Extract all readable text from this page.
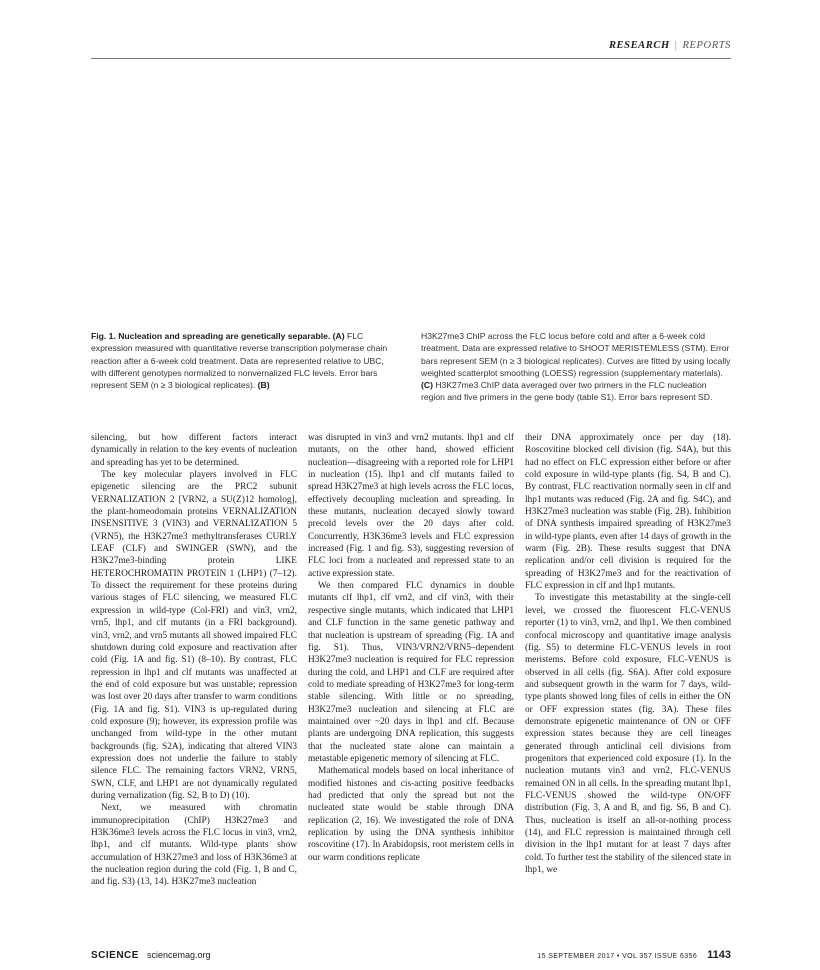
RESEARCH | REPORTS

Fig. 1. Nucleation and spreading are genetically separable. (A) FLC expression measured with quantitative reverse transcription polymerase chain reaction after a 6-week cold treatment. Data are represented relative to UBC, with different genotypes normalized to nonvernalized FLC levels. Error bars represent SEM (n ≥ 3 biological replicates). (B)

H3K27me3 ChIP across the FLC locus before cold and after a 6-week cold treatment. Data are expressed relative to SHOOT MERISTEMLESS (STM). Error bars represent SEM (n ≥ 3 biological replicates). Curves are fitted by using locally weighted scatterplot smoothing (LOESS) regression (supplementary materials). (C) H3K27me3 ChIP data averaged over two primers in the FLC nucleation region and five primers in the gene body (table S1). Error bars represent SD.

silencing, but how different factors interact dynamically in relation to the key events of nucleation and spreading has yet to be determined.

The key molecular players involved in FLC epigenetic silencing are the PRC2 subunit VERNALIZATION 2 [VRN2, a SU(Z)12 homolog], the plant-homeodomain proteins VERNALIZATION INSENSITIVE 3 (VIN3) and VERNALIZATION 5 (VRN5), the H3K27me3 methyltransferases CURLY LEAF (CLF) and SWINGER (SWN), and the H3K27me3-binding protein LIKE HETEROCHROMATIN PROTEIN 1 (LHP1) (7–12). To dissect the requirement for these proteins during various stages of FLC silencing, we measured FLC expression in wild-type (Col-FRI) and vin3, vrn2, vrn5, lhp1, and clf mutants (in a FRI background). vin3, vrn2, and vrn5 mutants all showed impaired FLC shutdown during cold exposure and reactivation after cold (Fig. 1A and fig. S1) (8–10). By contrast, FLC repression in lhp1 and clf mutants was unaffected at the end of cold exposure but was unstable; repression was lost over 20 days after transfer to warm conditions (Fig. 1A and fig. S1). VIN3 is up-regulated during cold exposure (9); however, its expression profile was unchanged from wild-type in the other mutant backgrounds (fig. S2A), indicating that altered VIN3 expression does not underlie the failure to stably silence FLC. The remaining factors VRN2, VRN5, SWN, CLF, and LHP1 are not dynamically regulated during vernalization (fig. S2, B to D) (10).

Next, we measured with chromatin immunoprecipitation (ChIP) H3K27me3 and H3K36me3 levels across the FLC locus in vin3, vrn2, lhp1, and clf mutants. Wild-type plants show accumulation of H3K27me3 and loss of H3K36me3 at the nucleation region during the cold (Fig. 1, B and C, and fig. S3) (13, 14). H3K27me3 nucleation

was disrupted in vin3 and vrn2 mutants. lhp1 and clf mutants, on the other hand, showed efficient nucleation—disagreeing with a reported role for LHP1 in nucleation (15). lhp1 and clf mutants failed to spread H3K27me3 at high levels across the FLC locus, effectively decoupling nucleation and spreading. In these mutants, nucleation decayed slowly toward precold levels over the 20 days after cold. Concurrently, H3K36me3 levels and FLC expression increased (Fig. 1 and fig. S3), suggesting reversion of FLC loci from a nucleated and repressed state to an active expression state.

We then compared FLC dynamics in double mutants clf lhp1, clf vrn2, and clf vin3, with their respective single mutants, which indicated that LHP1 and CLF function in the same genetic pathway and that nucleation is upstream of spreading (Fig. 1A and fig. S1). Thus, VIN3/VRN2/VRN5–dependent H3K27me3 nucleation is required for FLC repression during the cold, and LHP1 and CLF are required after cold to mediate spreading of H3K27me3 for long-term stable silencing. With little or no spreading, H3K27me3 nucleation and silencing at FLC are maintained over ~20 days in lhp1 and clf. Because plants are undergoing DNA replication, this suggests that the nucleated state alone can maintain a metastable epigenetic memory of silencing at FLC.

Mathematical models based on local inheritance of modified histones and cis-acting positive feedbacks had predicted that only the spread but not the nucleated state would be stable through DNA replication (2, 16). We investigated the role of DNA replication by using the DNA synthesis inhibitor roscovitine (17). In Arabidopsis, root meristem cells in our warm conditions replicate

their DNA approximately once per day (18). Roscovitine blocked cell division (fig. S4A), but this had no effect on FLC expression either before or after cold exposure in wild-type plants (fig. S4, B and C). By contrast, FLC reactivation normally seen in clf and lhp1 mutants was reduced (Fig. 2A and fig. S4C), and H3K27me3 nucleation was stable (Fig. 2B). Inhibition of DNA synthesis impaired spreading of H3K27me3 in wild-type plants, even after 14 days of growth in the warm (Fig. 2B). These results suggest that DNA replication and/or cell division is required for the spreading of H3K27me3 and for the reactivation of FLC expression in clf and lhp1 mutants.

To investigate this metastability at the single-cell level, we crossed the fluorescent FLC-VENUS reporter (1) to vin3, vrn2, and lhp1. We then combined confocal microscopy and quantitative image analysis (fig. S5) to determine FLC-VENUS levels in root meristems. Before cold exposure, FLC-VENUS is observed in all cells (fig. S6A). After cold exposure and subsequent growth in the warm for 7 days, wild-type plants showed long files of cells in either the ON or OFF expression states (fig. 3A). These files demonstrate epigenetic maintenance of ON or OFF expression states because they are cell lineages generated through anticlinal cell divisions from progenitors that experienced cold exposure (1). In the nucleation mutants vin3 and vrn2, FLC-VENUS remained ON in all cells. In the spreading mutant lhp1, FLC-VENUS showed the wild-type ON/OFF distribution (Fig. 3, A and B, and fig. S6, B and C). Thus, nucleation is itself an all-or-nothing process (14), and FLC repression is maintained through cell division in the lhp1 mutant for at least 7 days after cold. To further test the stability of the silenced state in lhp1, we

SCIENCE sciencemag.org	15 SEPTEMBER 2017 • VOL 357 ISSUE 6356 1143
